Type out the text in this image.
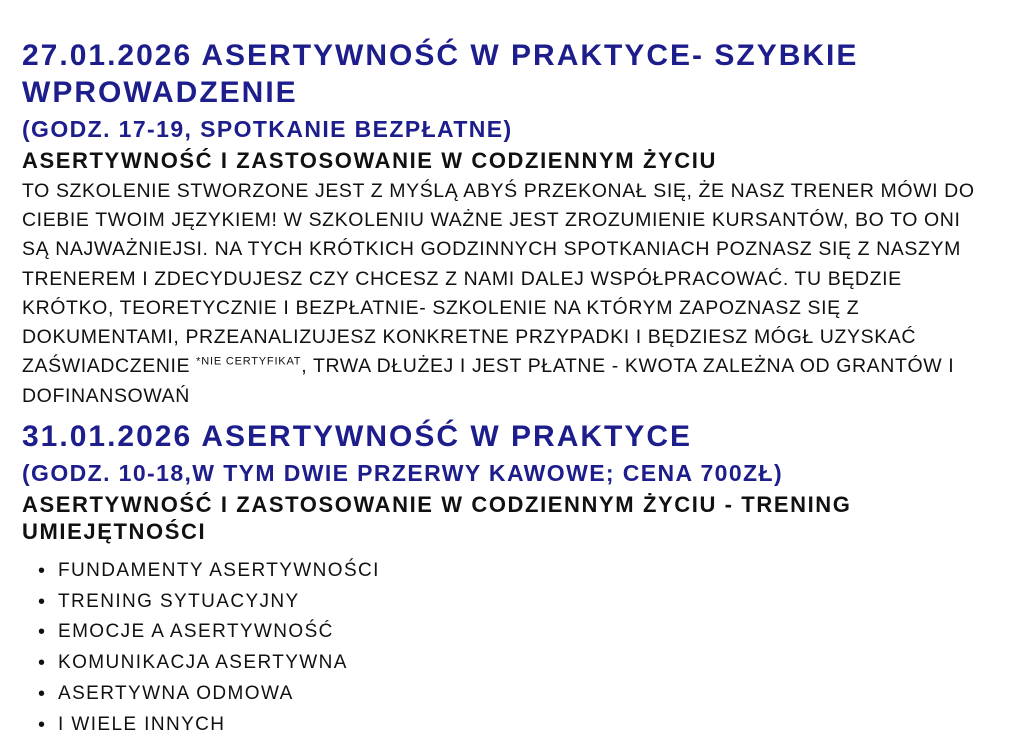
27.01.2026 ASERTYWNOŚĆ W PRAKTYCE- SZYBKIE WPROWADZENIE
(GODZ. 17-19, SPOTKANIE BEZPŁATNE)
ASERTYWNOŚĆ I ZASTOSOWANIE W CODZIENNYM ŻYCIU

TO SZKOLENIE STWORZONE JEST Z MYŚLĄ ABYŚ PRZEKONAŁ SIĘ, ŻE NASZ TRENER MÓWI DO CIEBIE TWOIM JĘZYKIEM! W SZKOLENIU WAŻNE JEST ZROZUMIENIE KURSANTÓW, BO TO ONI SĄ NAJWAŻNIEJSI. NA TYCH KRÓTKICH GODZINNYCH SPOTKANIACH POZNASZ SIĘ Z NASZYM TRENEREM I ZDECYDUJESZ CZY CHCESZ Z NAMI DALEJ WSPÓŁPRACOWAĆ. TU BĘDZIE KRÓTKO, TEORETYCZNIE I BEZPŁATNIE- SZKOLENIE NA KTÓRYM ZAPOZNASZ SIĘ Z DOKUMENTAMI, PRZEANALIZUJESZ KONKRETNE PRZYPADKI I BĘDZIESZ MÓGŁ UZYSKAĆ ZAŚWIADCZENIE $^{*NIE CERTYFIKAT}$, TRWA DŁUŻEJ I JEST PŁATNE - KWOTA ZALEŻNA OD GRANTÓW I DOFINANSOWAŃ

31.01.2026 ASERTYWNOŚĆ W PRAKTYCE
(GODZ. 10-18,W TYM DWIE PRZERWY KAWOWE; CENA 700ZŁ)
ASERTYWNOŚĆ I ZASTOSOWANIE W CODZIENNYM ŻYCIU - TRENING UMIEJĘTNOŚCI
• FUNDAMENTY ASERTYWNOŚCI
• TRENING SYTUACYJNY
• EMOCJE A ASERTYWNOŚĆ
• KOMUNIKACJA ASERTYWNA
• ASERTYWNA ODMOWA
• I WIELE INNYCH
